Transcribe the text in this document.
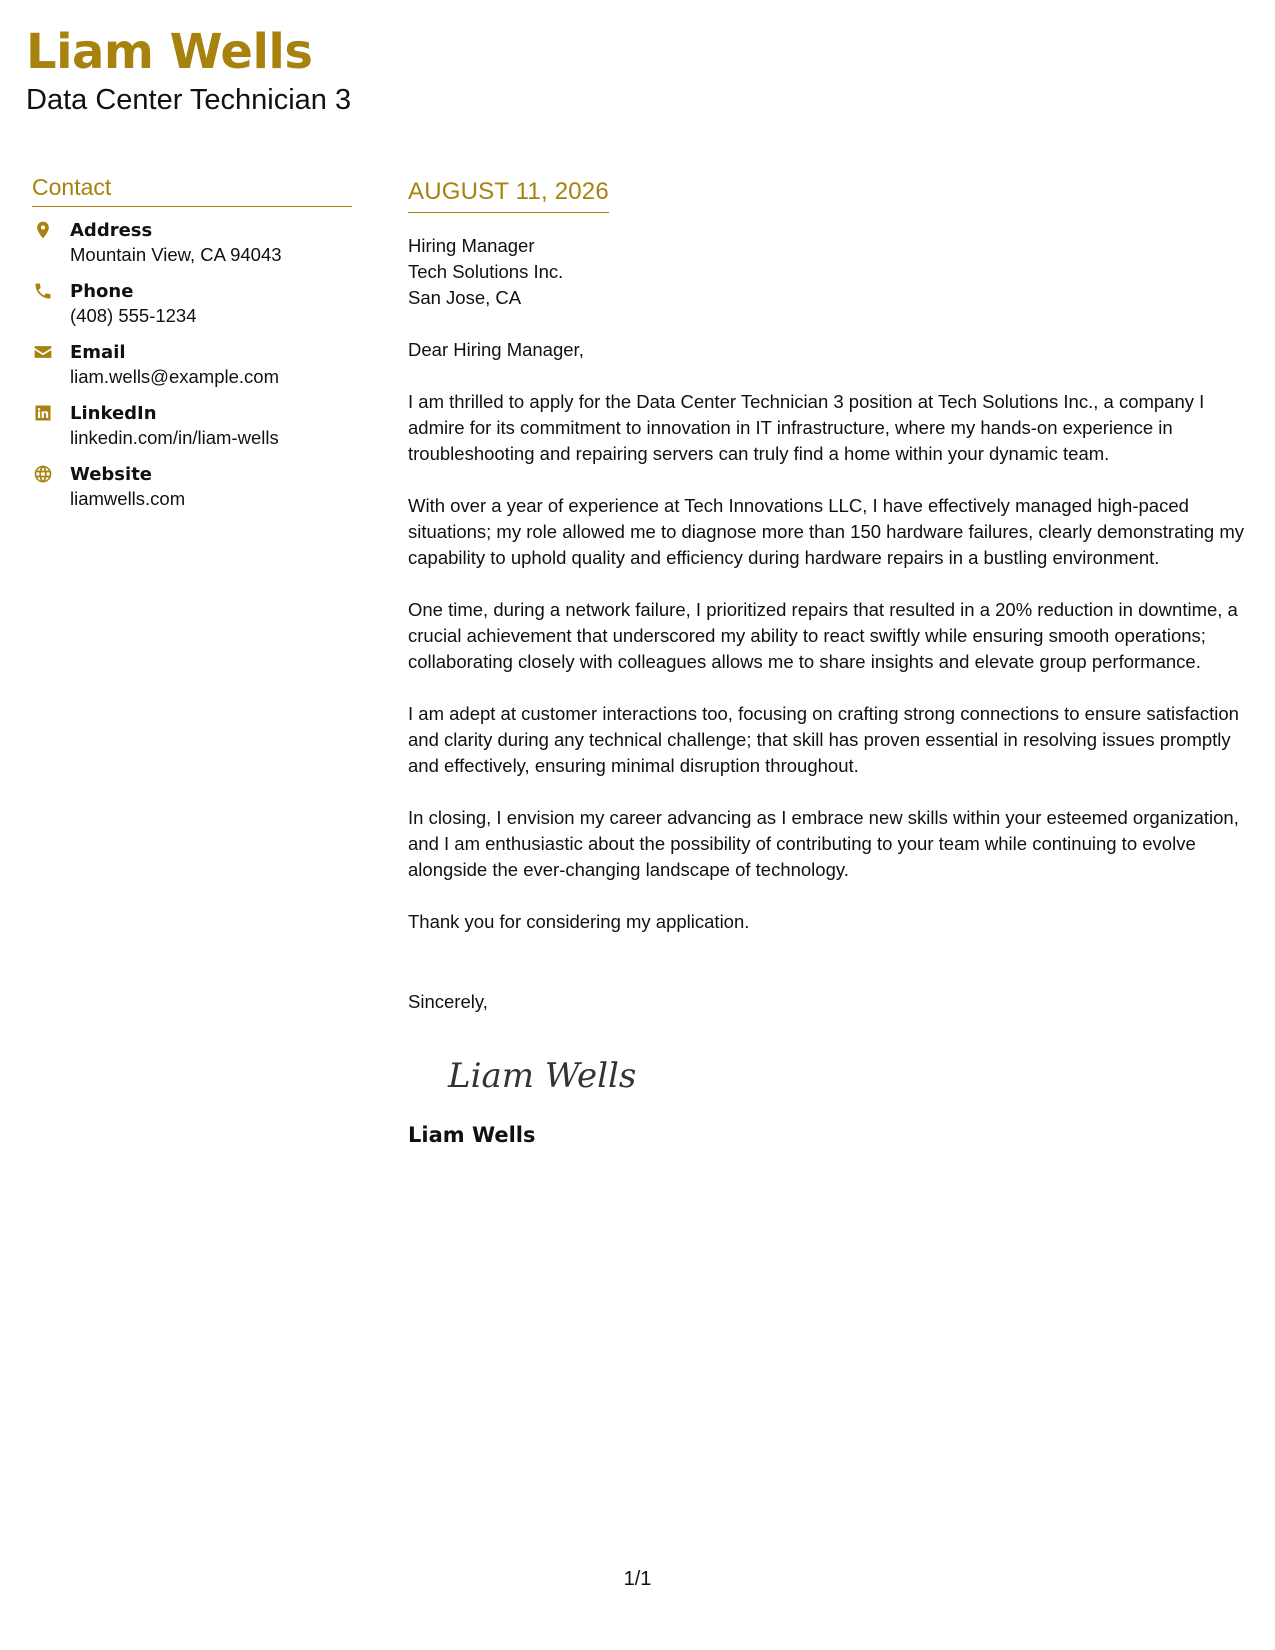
Liam Wells
Data Center Technician 3
Contact
Address
Mountain View, CA 94043
Phone
(408) 555-1234
Email
liam.wells@example.com
LinkedIn
linkedin.com/in/liam-wells
Website
liamwells.com
AUGUST 11, 2026
Hiring Manager
Tech Solutions Inc.
San Jose, CA
Dear Hiring Manager,
I am thrilled to apply for the Data Center Technician 3 position at Tech Solutions Inc., a company I admire for its commitment to innovation in IT infrastructure, where my hands-on experience in troubleshooting and repairing servers can truly find a home within your dynamic team.
With over a year of experience at Tech Innovations LLC, I have effectively managed high-paced situations; my role allowed me to diagnose more than 150 hardware failures, clearly demonstrating my capability to uphold quality and efficiency during hardware repairs in a bustling environment.
One time, during a network failure, I prioritized repairs that resulted in a 20% reduction in downtime, a crucial achievement that underscored my ability to react swiftly while ensuring smooth operations; collaborating closely with colleagues allows me to share insights and elevate group performance.
I am adept at customer interactions too, focusing on crafting strong connections to ensure satisfaction and clarity during any technical challenge; that skill has proven essential in resolving issues promptly and effectively, ensuring minimal disruption throughout.
In closing, I envision my career advancing as I embrace new skills within your esteemed organization, and I am enthusiastic about the possibility of contributing to your team while continuing to evolve alongside the ever-changing landscape of technology.
Thank you for considering my application.
Sincerely,
Liam Wells
Liam Wells
1/1
